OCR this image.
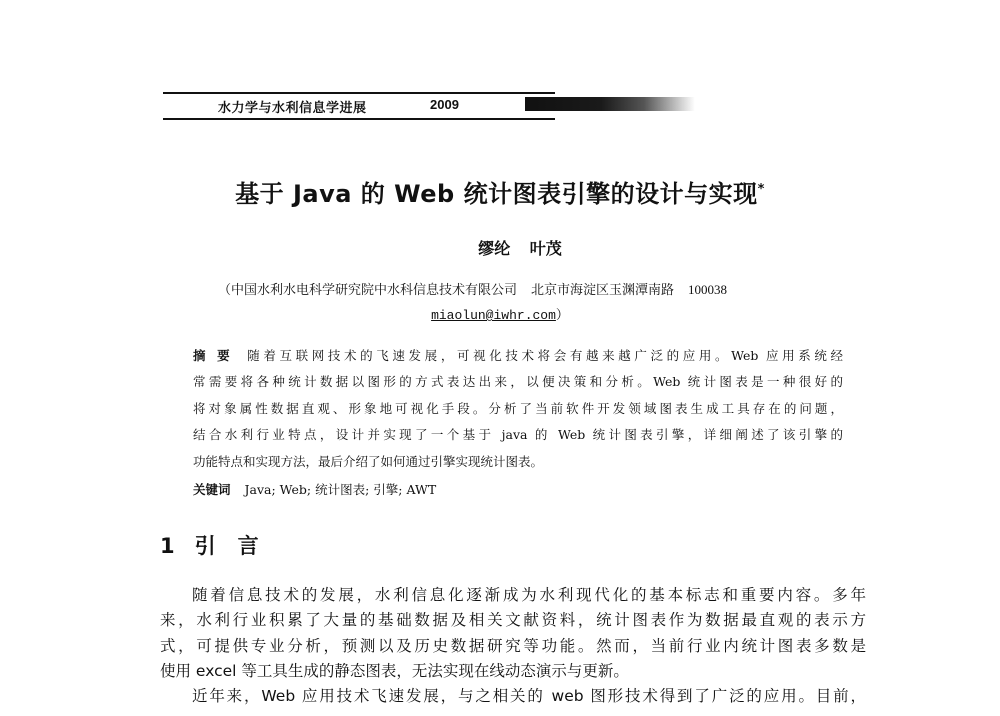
水力学与水利信息学进展	2009
基于 Java 的 Web 统计图表引擎的设计与实现*
缪纶 叶茂
（中国水利水电科学研究院中水科信息技术有限公司 北京市海淀区玉渊潭南路 100038
miaolun@iwhr.com）
摘要 随着互联网技术的飞速发展，可视化技术将会有越来越广泛的应用。Web 应用系统经
常需要将各种统计数据以图形的方式表达出来，以便决策和分析。Web 统计图表是一种很好的
将对象属性数据直观、形象地可视化手段。分析了当前软件开发领域图表生成工具存在的问题，
结合水利行业特点，设计并实现了一个基于 java 的 Web 统计图表引擎，详细阐述了该引擎的
功能特点和实现方法，最后介绍了如何通过引擎实现统计图表。
关键词 Java; Web; 统计图表; 引擎; AWT
1 引言
随着信息技术的发展，水利信息化逐渐成为水利现代化的基本标志和重要内容。多年
来，水利行业积累了大量的基础数据及相关文献资料，统计图表作为数据最直观的表示方
式，可提供专业分析，预测以及历史数据研究等功能。然而，当前行业内统计图表多数是
使用 excel 等工具生成的静态图表，无法实现在线动态演示与更新。
近年来，Web 应用技术飞速发展，与之相关的 web 图形技术得到了广泛的应用。目前，
